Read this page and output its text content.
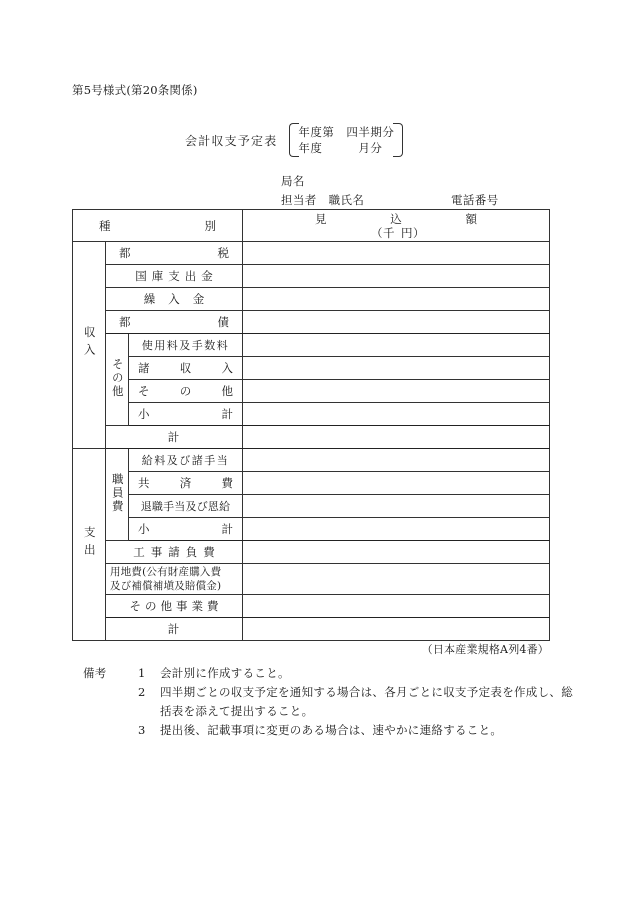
第5号様式(第20条関係)
会計収支予定表
年度第
　 四半期分
年度
　　　	月分
局名
担当者　 職氏名	電話番号
種 別			見 込 額
（千 円）

収入	都 税		

	国庫支出金		

	繰入金		

	都 債		

	その他	使用料及手数料	

		諸 収 入	

		そ の 他	

		小 計	

	計		

支出	職員費	給料及び諸手当	

		共 済 費	

		退職手当及び恩給	

		小 計	

	工事請負費		

	用地費(公有財産購入費
及び補償補塡及賠償金)		

	その他事業費		

	計		

（日本産業規格A列4番）
備考	1	会計別に作成すること。
2	四半期ごとの収支予定を通知する場合は、各月ごとに収支予定表を作成し、総
括表を添えて提出すること。
3	提出後、記載事項に変更のある場合は、速やかに連絡すること。
